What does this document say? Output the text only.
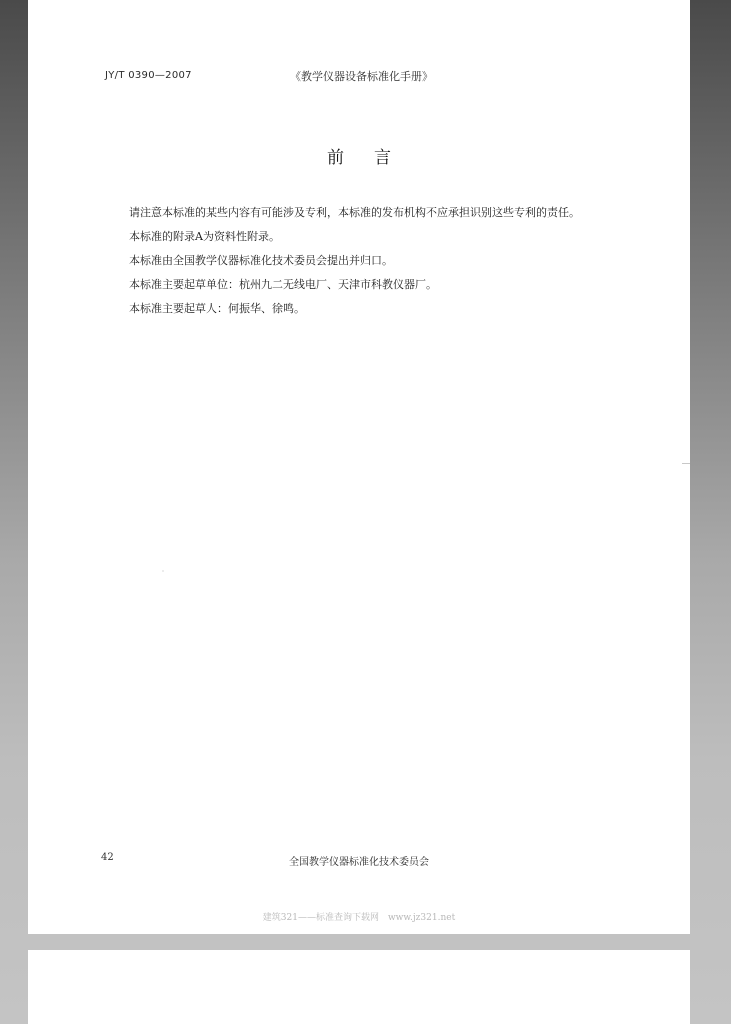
JY/T 0390—2007	《教学仪器设备标准化手册》
前言

请注意本标准的某些内容有可能涉及专利，本标准的发布机构不应承担识别这些专利的责任。

本标准的附录A为资料性附录。

本标准由全国教学仪器标准化技术委员会提出并归口。

本标准主要起草单位：杭州九二无线电厂、天津市科教仪器厂。

本标准主要起草人：何振华、徐鸣。

42	全国教学仪器标准化技术委员会
建筑321——标准查询下载网　www.jz321.net
